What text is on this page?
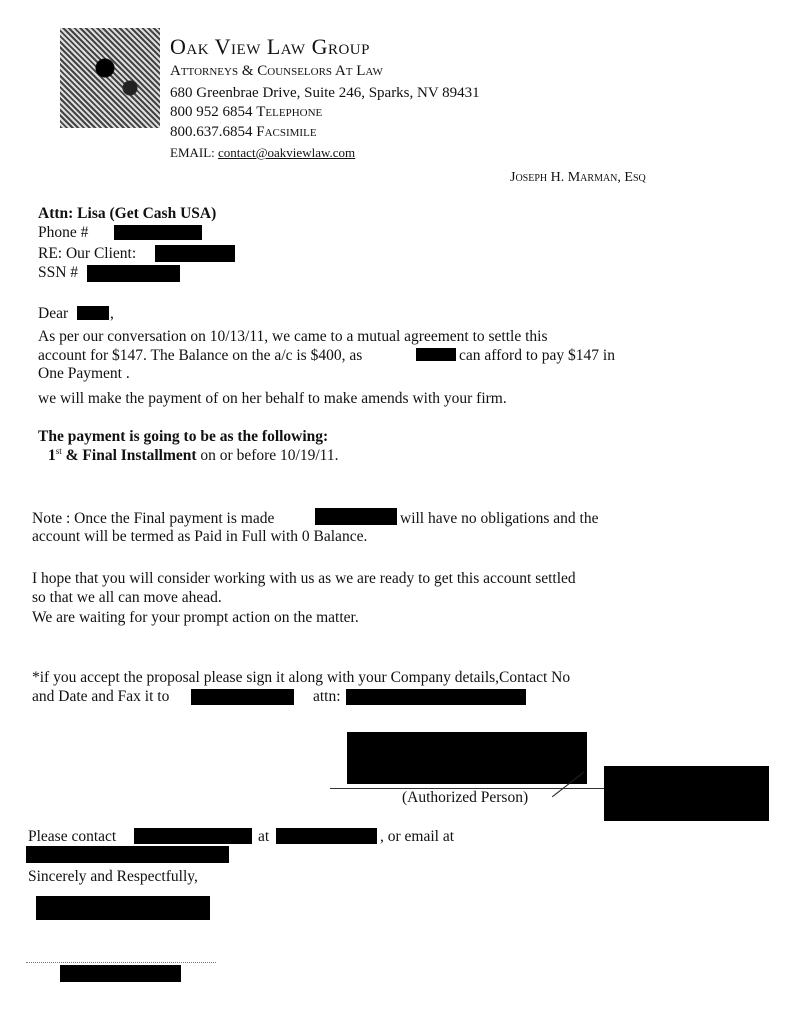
Oak View Law Group
Attorneys & Counselors At Law
680 Greenbrae Drive, Suite 246, Sparks, NV 89431
800 952 6854 Telephone
800.637.6854 Facsimile
EMAIL: contact@oakviewlaw.com
Joseph H. Marman, Esq
Attn: Lisa (Get Cash USA)
Phone #
RE: Our Client:
SSN #
Dear	,
As per our conversation on 10/13/11, we came to a mutual agreement to settle this
account for $147. The Balance on the a/c is $400, as	can afford to pay $147 in
One Payment .
we will make the payment of on her behalf to make amends with your firm.
The payment is going to be as the following:
1st & Final Installment on or before 10/19/11.
Note : Once the Final payment is made	will have no obligations and the
account will be termed as Paid in Full with 0 Balance.
I hope that you will consider working with us as we are ready to get this account settled
so that we all can move ahead.
We are waiting for your prompt action on the matter.
*if you accept the proposal please sign it along with your Company details,Contact No
and Date and Fax it to	attn:
(Authorized Person)
Please contact	at	, or email at
Sincerely and Respectfully,
